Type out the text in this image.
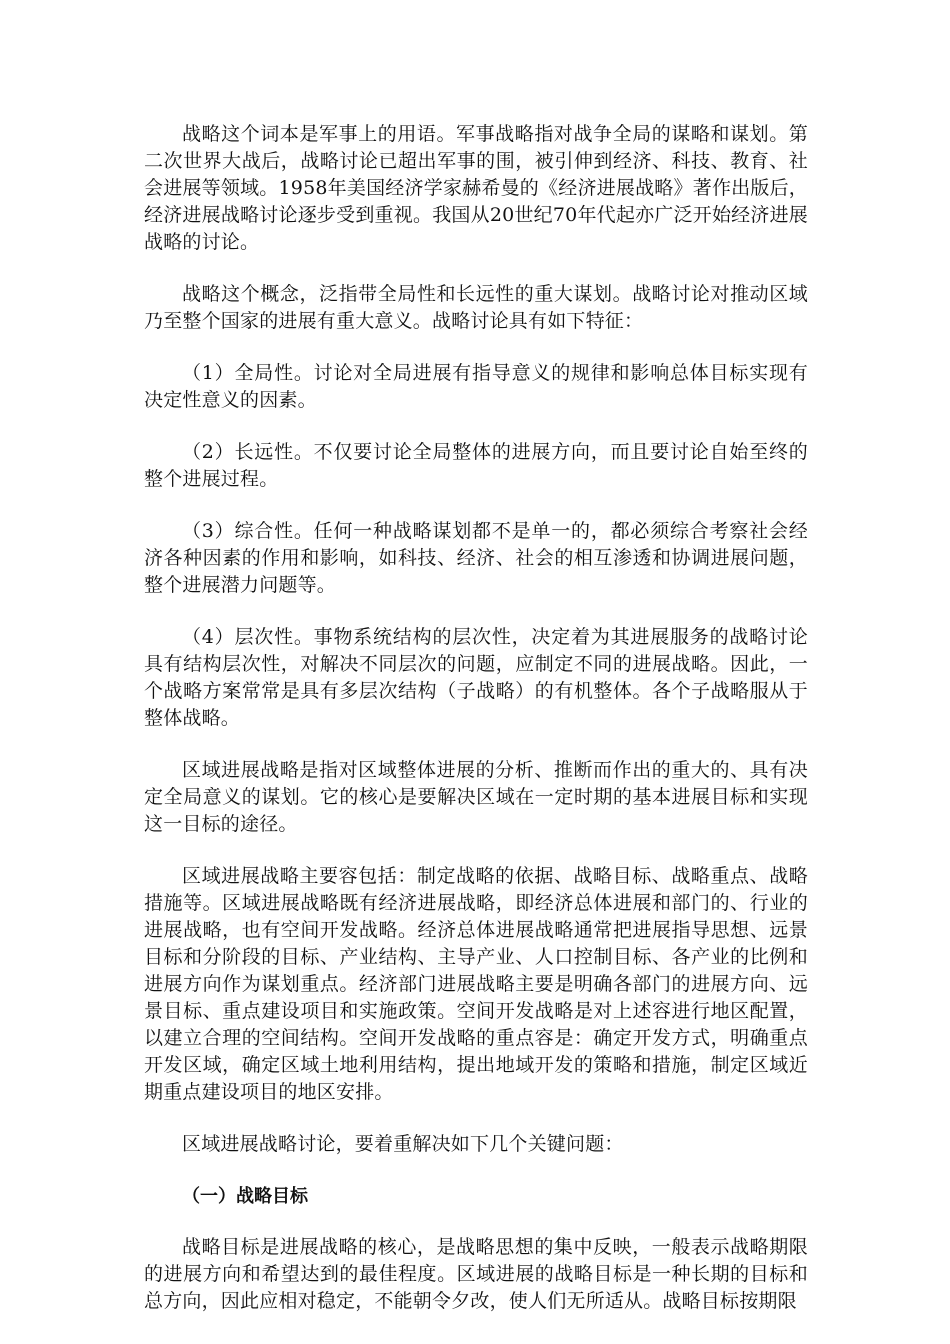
战略这个词本是军事上的用语。军事战略指对战争全局的谋略和谋划。第二次世界大战后，战略讨论已超出军事的围，被引伸到经济、科技、教育、社会进展等领域。1958年美国经济学家赫希曼的《经济进展战略》著作出版后，经济进展战略讨论逐步受到重视。我国从20世纪70年代起亦广泛开始经济进展战略的讨论。

战略这个概念，泛指带全局性和长远性的重大谋划。战略讨论对推动区域乃至整个国家的进展有重大意义。战略讨论具有如下特征：

（1）全局性。讨论对全局进展有指导意义的规律和影响总体目标实现有决定性意义的因素。

（2）长远性。不仅要讨论全局整体的进展方向，而且要讨论自始至终的整个进展过程。

（3）综合性。任何一种战略谋划都不是单一的，都必须综合考察社会经济各种因素的作用和影响，如科技、经济、社会的相互渗透和协调进展问题，整个进展潜力问题等。

（4）层次性。事物系统结构的层次性，决定着为其进展服务的战略讨论具有结构层次性，对解决不同层次的问题，应制定不同的进展战略。因此，一个战略方案常常是具有多层次结构（子战略）的有机整体。各个子战略服从于整体战略。

区域进展战略是指对区域整体进展的分析、推断而作出的重大的、具有决定全局意义的谋划。它的核心是要解决区域在一定时期的基本进展目标和实现这一目标的途径。

区域进展战略主要容包括：制定战略的依据、战略目标、战略重点、战略措施等。区域进展战略既有经济进展战略，即经济总体进展和部门的、行业的进展战略，也有空间开发战略。经济总体进展战略通常把进展指导思想、远景目标和分阶段的目标、产业结构、主导产业、人口控制目标、各产业的比例和进展方向作为谋划重点。经济部门进展战略主要是明确各部门的进展方向、远景目标、重点建设项目和实施政策。空间开发战略是对上述容进行地区配置，以建立合理的空间结构。空间开发战略的重点容是：确定开发方式，明确重点开发区域，确定区域土地利用结构，提出地域开发的策略和措施，制定区域近期重点建设项目的地区安排。

区域进展战略讨论，要着重解决如下几个关键问题：

（一）战略目标

战略目标是进展战略的核心，是战略思想的集中反映，一般表示战略期限的进展方向和希望达到的最佳程度。区域进展的战略目标是一种长期的目标和总方向，因此应相对稳定，不能朝令夕改，使人们无所适从。战略目标按期限
